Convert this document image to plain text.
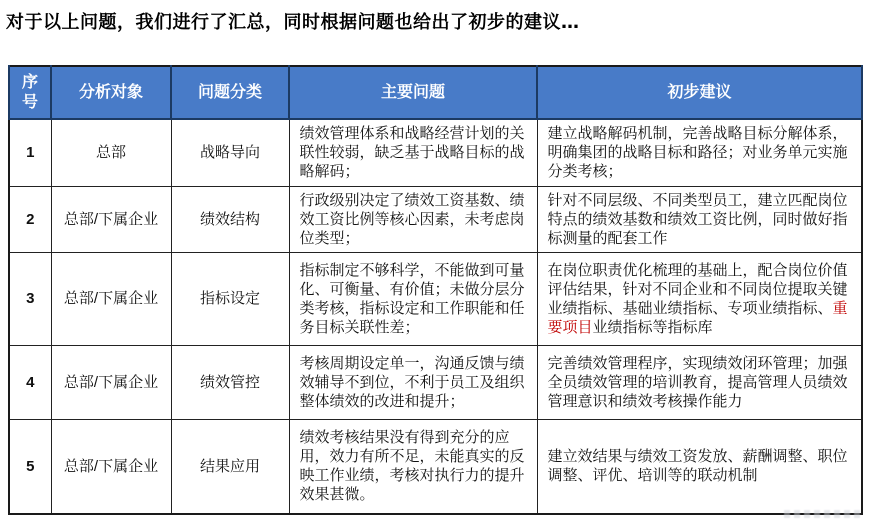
对于以上问题，我们进行了汇总，同时根据问题也给出了初步的建议…
序号	分析对象	问题分类	主要问题	初步建议
1	总部	战略导向	绩效管理体系和战略经营计划的关联性较弱，缺乏基于战略目标的战略解码；	建立战略解码机制，完善战略目标分解体系，明确集团的战略目标和路径；对业务单元实施分类考核；
2	总部/下属企业	绩效结构	行政级别决定了绩效工资基数、绩效工资比例等核心因素，未考虑岗位类型；	针对不同层级、不同类型员工，建立匹配岗位特点的绩效基数和绩效工资比例，同时做好指标测量的配套工作
3	总部/下属企业	指标设定	指标制定不够科学，不能做到可量化、可衡量、有价值；未做分层分类考核，指标设定和工作职能和任务目标关联性差；	在岗位职责优化梳理的基础上，配合岗位价值评估结果，针对不同企业和不同岗位提取关键业绩指标、基础业绩指标、专项业绩指标、重要项目业绩指标等指标库
4	总部/下属企业	绩效管控	考核周期设定单一，沟通反馈与绩效辅导不到位，不利于员工及组织整体绩效的改进和提升；	完善绩效管理程序，实现绩效闭环管理；加强全员绩效管理的培训教育，提高管理人员绩效管理意识和绩效考核操作能力
5	总部/下属企业	结果应用	绩效考核结果没有得到充分的应用，效力有所不足，未能真实的反映工作业绩，考核对执行力的提升效果甚微。	建立效结果与绩效工资发放、薪酬调整、职位调整、评优、培训等的联动机制
